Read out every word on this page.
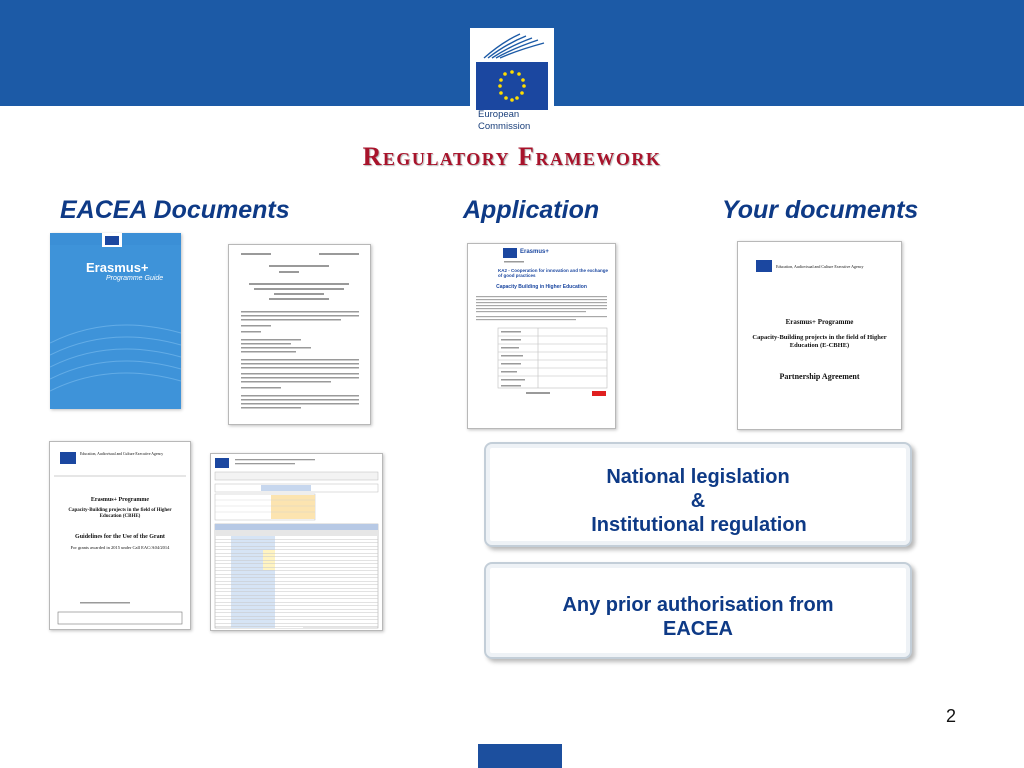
European
Commission
Regulatory Framework
EACEA Documents	Application	Your documents
Erasmus+
Programme Guide
Erasmus+
KA2 - Cooperation for innovation and the exchange of good practices
Capacity Building in Higher Education
Education, Audiovisual and Culture Executive Agency
Erasmus+ Programme
Capacity-Building projects in the field of Higher Education (E-CBHE)
Partnership Agreement
Education, Audiovisual and Culture Executive Agency
Erasmus+ Programme
Capacity-Building projects in the field of Higher Education (CBHE)
Guidelines for the Use of the Grant
For grants awarded in 2015 under Call EAC/A04/2014
National legislation
&
Institutional regulation
Any prior authorisation from
EACEA
2
